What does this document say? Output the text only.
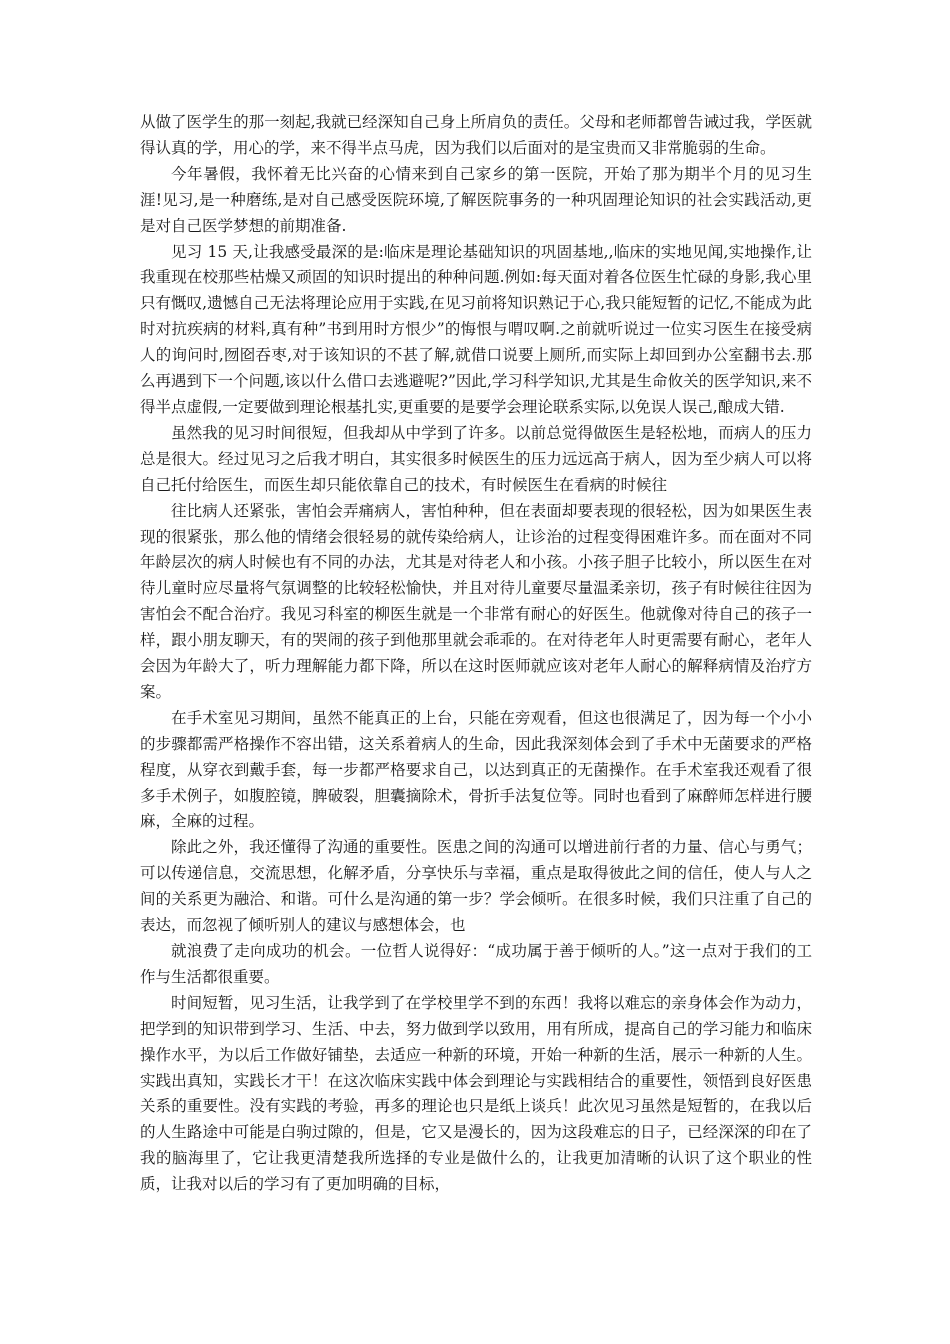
从做了医学生的那一刻起,我就已经深知自己身上所肩负的责任。父母和老师都曾告诫过我，学医就得认真的学，用心的学，来不得半点马虎，因为我们以后面对的是宝贵而又非常脆弱的生命。

今年暑假，我怀着无比兴奋的心情来到自己家乡的第一医院，开始了那为期半个月的见习生涯!见习,是一种磨练,是对自己感受医院环境,了解医院事务的一种巩固理论知识的社会实践活动,更是对自己医学梦想的前期准备.

见习 15 天,让我感受最深的是:临床是理论基础知识的巩固基地,,临床的实地见闻,实地操作,让我重现在校那些枯燥又顽固的知识时提出的种种问题.例如:每天面对着各位医生忙碌的身影,我心里只有慨叹,遗憾自己无法将理论应用于实践,在见习前将知识熟记于心,我只能短暂的记忆,不能成为此时对抗疾病的材料,真有种”书到用时方恨少”的悔恨与喟叹啊.之前就听说过一位实习医生在接受病人的询问时,囫囵吞枣,对于该知识的不甚了解,就借口说要上厕所,而实际上却回到办公室翻书去.那么再遇到下一个问题,该以什么借口去逃避呢?”因此,学习科学知识,尤其是生命攸关的医学知识,来不得半点虚假,一定要做到理论根基扎实,更重要的是要学会理论联系实际,以免误人误己,酿成大错.

虽然我的见习时间很短，但我却从中学到了许多。以前总觉得做医生是轻松地，而病人的压力总是很大。经过见习之后我才明白，其实很多时候医生的压力远远高于病人，因为至少病人可以将自己托付给医生，而医生却只能依靠自己的技术，有时候医生在看病的时候往

往比病人还紧张，害怕会弄痛病人，害怕种种，但在表面却要表现的很轻松，因为如果医生表现的很紧张，那么他的情绪会很轻易的就传染给病人，让诊治的过程变得困难许多。而在面对不同年龄层次的病人时候也有不同的办法，尤其是对待老人和小孩。小孩子胆子比较小，所以医生在对待儿童时应尽量将气氛调整的比较轻松愉快，并且对待儿童要尽量温柔亲切，孩子有时候往往因为害怕会不配合治疗。我见习科室的柳医生就是一个非常有耐心的好医生。他就像对待自己的孩子一样，跟小朋友聊天，有的哭闹的孩子到他那里就会乖乖的。在对待老年人时更需要有耐心，老年人会因为年龄大了，听力理解能力都下降，所以在这时医师就应该对老年人耐心的解释病情及治疗方案。

在手术室见习期间，虽然不能真正的上台，只能在旁观看，但这也很满足了，因为每一个小小的步骤都需严格操作不容出错，这关系着病人的生命，因此我深刻体会到了手术中无菌要求的严格程度，从穿衣到戴手套，每一步都严格要求自己，以达到真正的无菌操作。在手术室我还观看了很多手术例子，如腹腔镜，脾破裂，胆囊摘除术，骨折手法复位等。同时也看到了麻醉师怎样进行腰麻，全麻的过程。

除此之外，我还懂得了沟通的重要性。医患之间的沟通可以增进前行者的力量、信心与勇气；可以传递信息，交流思想，化解矛盾，分享快乐与幸福，重点是取得彼此之间的信任，使人与人之间的关系更为融洽、和谐。可什么是沟通的第一步？学会倾听。在很多时候，我们只注重了自己的表达，而忽视了倾听别人的建议与感想体会，也

就浪费了走向成功的机会。一位哲人说得好：“成功属于善于倾听的人。”这一点对于我们的工作与生活都很重要。

时间短暂，见习生活，让我学到了在学校里学不到的东西！我将以难忘的亲身体会作为动力，把学到的知识带到学习、生活、中去，努力做到学以致用，用有所成，提高自己的学习能力和临床操作水平，为以后工作做好铺垫，去适应一种新的环境，开始一种新的生活，展示一种新的人生。实践出真知，实践长才干！在这次临床实践中体会到理论与实践相结合的重要性，领悟到良好医患关系的重要性。没有实践的考验，再多的理论也只是纸上谈兵！此次见习虽然是短暂的，在我以后的人生路途中可能是白驹过隙的，但是，它又是漫长的，因为这段难忘的日子，已经深深的印在了我的脑海里了，它让我更清楚我所选择的专业是做什么的，让我更加清晰的认识了这个职业的性质，让我对以后的学习有了更加明确的目标，
